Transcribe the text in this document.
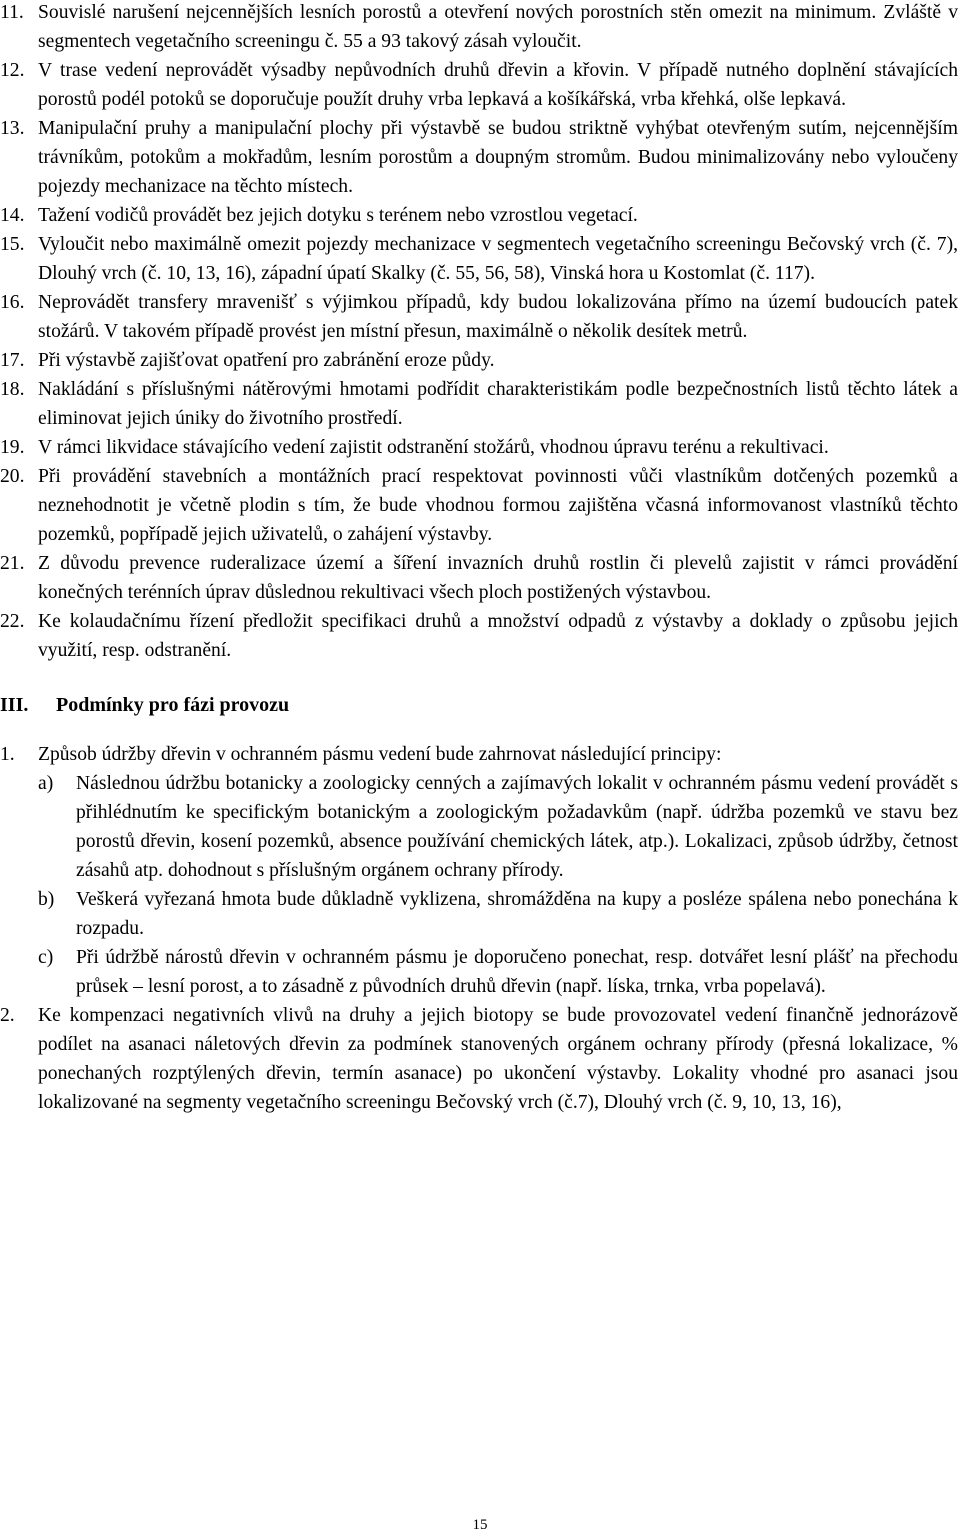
11. Souvislé narušení nejcennějších lesních porostů a otevření nových porostních stěn omezit na minimum. Zvláště v segmentech vegetačního screeningu č. 55 a 93 takový zásah vyloučit.
12. V trase vedení neprovádět výsadby nepůvodních druhů dřevin a křovin. V případě nutného doplnění stávajících porostů podél potoků se doporučuje použít druhy vrba lepkavá a košíkářská, vrba křehká, olše lepkavá.
13. Manipulační pruhy a manipulační plochy při výstavbě se budou striktně vyhýbat otevřeným sutím, nejcennějším trávníkům, potokům a mokřadům, lesním porostům a doupným stromům. Budou minimalizovány nebo vyloučeny pojezdy mechanizace na těchto místech.
14. Tažení vodičů provádět bez jejich dotyku s terénem nebo vzrostlou vegetací.
15. Vyloučit nebo maximálně omezit pojezdy mechanizace v segmentech vegetačního screeningu Bečovský vrch (č. 7), Dlouhý vrch (č. 10, 13, 16), západní úpatí Skalky (č. 55, 56, 58), Vinská hora u Kostomlat (č. 117).
16. Neprovádět transfery mravenišť s výjimkou případů, kdy budou lokalizována přímo na území budoucích patek stožárů. V takovém případě provést jen místní přesun, maximálně o několik desítek metrů.
17. Při výstavbě zajišťovat opatření pro zabránění eroze půdy.
18. Nakládání s příslušnými nátěrovými hmotami podřídit charakteristikám podle bezpečnostních listů těchto látek a eliminovat jejich úniky do životního prostředí.
19. V rámci likvidace stávajícího vedení zajistit odstranění stožárů, vhodnou úpravu terénu a rekultivaci.
20. Při provádění stavebních a montážních prací respektovat povinnosti vůči vlastníkům dotčených pozemků a neznehodnotit je včetně plodin s tím, že bude vhodnou formou zajištěna včasná informovanost vlastníků těchto pozemků, popřípadě jejich uživatelů, o zahájení výstavby.
21. Z důvodu prevence ruderalizace území a šíření invazních druhů rostlin či plevelů zajistit v rámci provádění konečných terénních úprav důslednou rekultivaci všech ploch postižených výstavbou.
22. Ke kolaudačnímu řízení předložit specifikaci druhů a množství odpadů z výstavby a doklady o způsobu jejich využití, resp. odstranění.
III. Podmínky pro fázi provozu
1. Způsob údržby dřevin v ochranném pásmu vedení bude zahrnovat následující principy:
a) Následnou údržbu botanicky a zoologicky cenných a zajímavých lokalit v ochranném pásmu vedení provádět s přihlédnutím ke specifickým botanickým a zoologickým požadavkům (např. údržba pozemků ve stavu bez porostů dřevin, kosení pozemků, absence používání chemických látek, atp.). Lokalizaci, způsob údržby, četnost zásahů atp. dohodnout s příslušným orgánem ochrany přírody.
b) Veškerá vyřezaná hmota bude důkladně vyklizena, shromážděna na kupy a posléze spálena nebo ponechána k rozpadu.
c) Při údržbě nárostů dřevin v ochranném pásmu je doporučeno ponechat, resp. dotvářet lesní plášť na přechodu průsek – lesní porost, a to zásadně z původních druhů dřevin (např. líska, trnka, vrba popelavá).
2. Ke kompenzaci negativních vlivů na druhy a jejich biotopy se bude provozovatel vedení finančně jednorázově podílet na asanaci náletových dřevin za podmínek stanovených orgánem ochrany přírody (přesná lokalizace, % ponechaných rozptýlených dřevin, termín asanace) po ukončení výstavby. Lokality vhodné pro asanaci jsou lokalizované na segmenty vegetačního screeningu Bečovský vrch (č.7), Dlouhý vrch (č. 9, 10, 13, 16),
15
